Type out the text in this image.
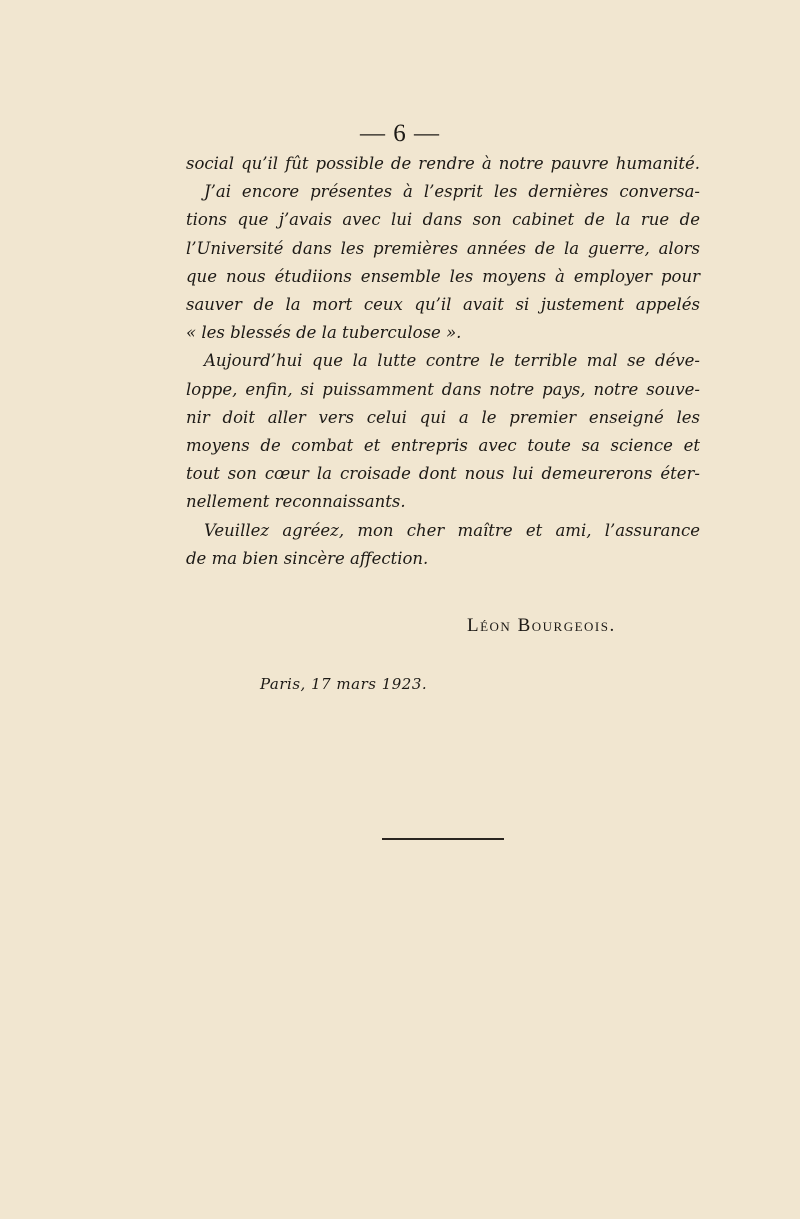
— 6 —
social qu’il fût possible de rendre à notre pauvre humanité.
J’ai encore présentes à l’esprit les dernières conversa-
tions que j’avais avec lui dans son cabinet de la rue de
l’Université dans les premières années de la guerre, alors
que nous étudiions ensemble les moyens à employer pour
sauver de la mort ceux qu’il avait si justement appelés
« les blessés de la tuberculose ».
Aujourd’hui que la lutte contre le terrible mal se déve-
loppe, enfin, si puissamment dans notre pays, notre souve-
nir doit aller vers celui qui a le premier enseigné les
moyens de combat et entrepris avec toute sa science et
tout son cœur la croisade dont nous lui demeurerons éter-
nellement reconnaissants.
Veuillez agréez, mon cher maître et ami, l’assurance
de ma bien sincère affection.
Léon Bourgeois.
Paris, 17 mars 1923.
